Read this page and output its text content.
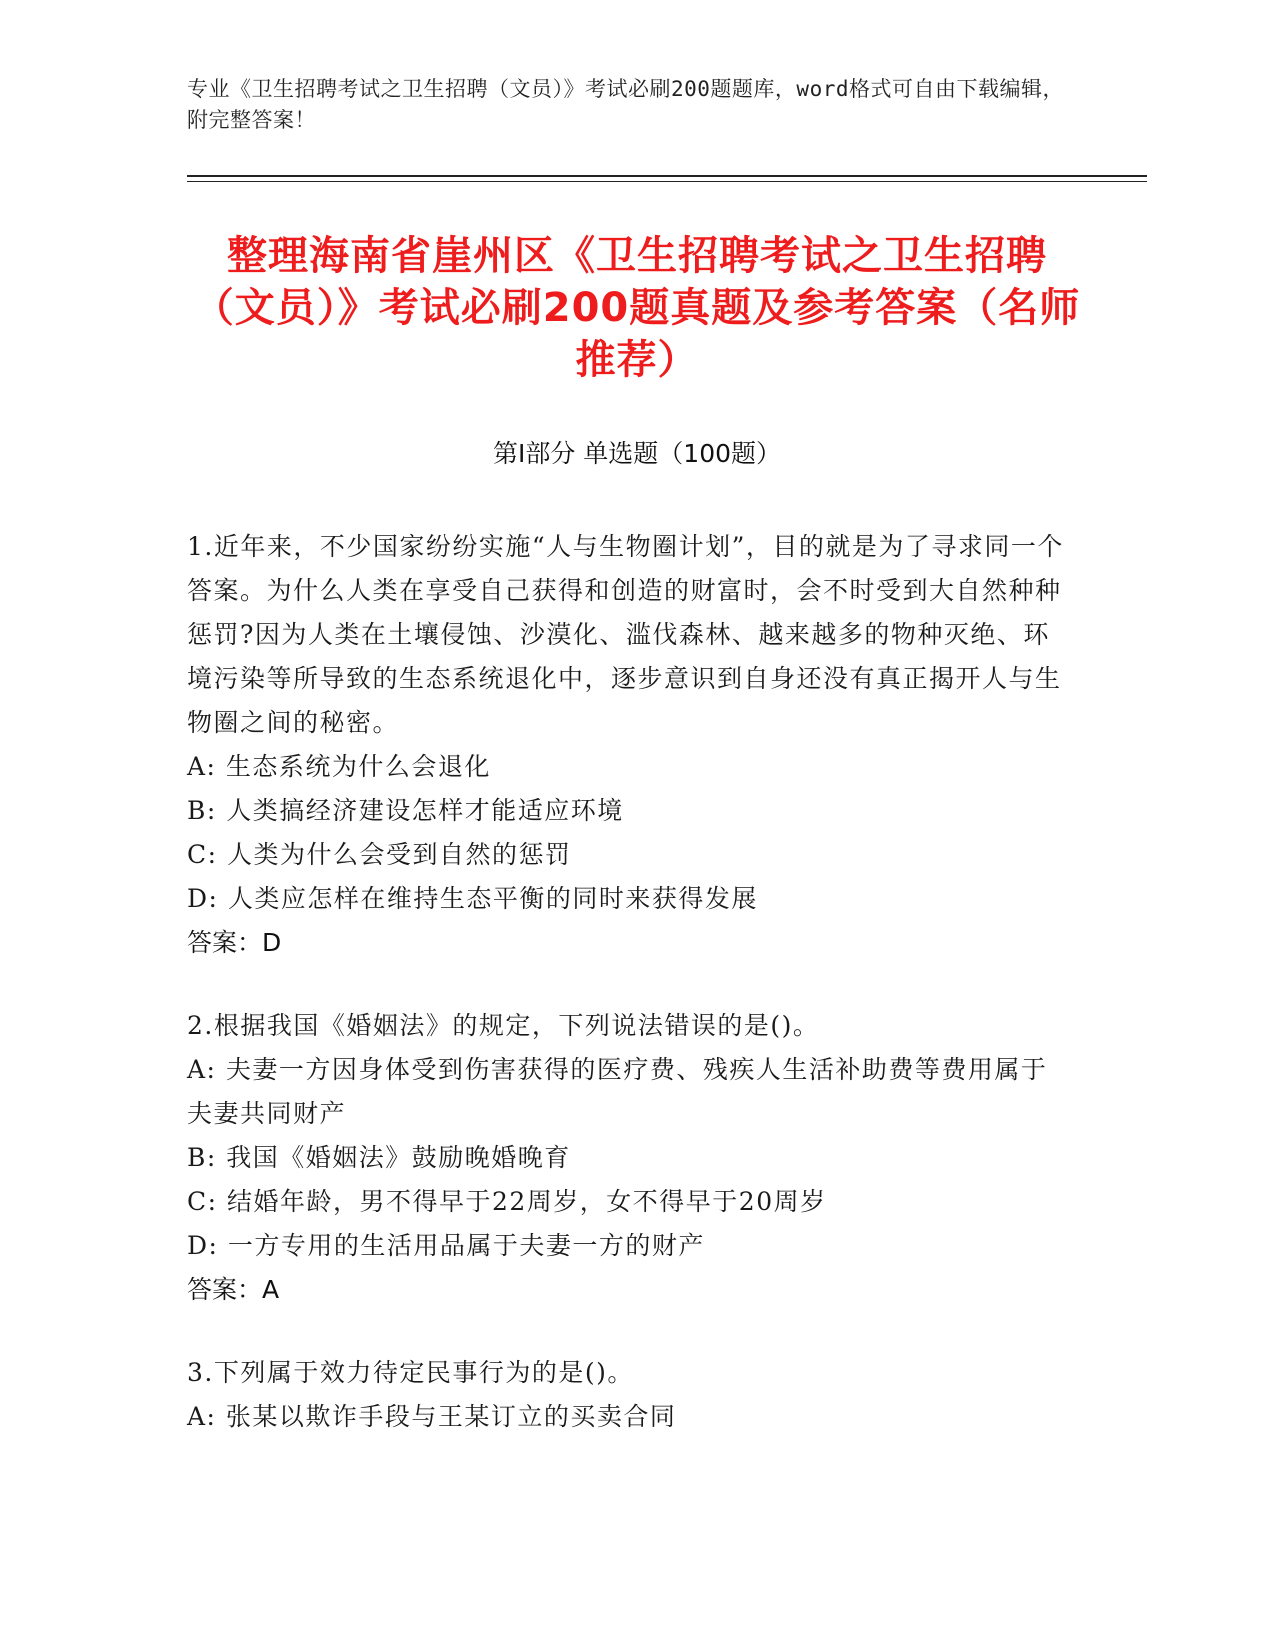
专业《卫生招聘考试之卫生招聘（文员）》考试必刷200题题库，word格式可自由下载编辑，附完整答案！
整理海南省崖州区《卫生招聘考试之卫生招聘（文员）》考试必刷200题真题及参考答案（名师推荐）
第Ⅰ部分 单选题（100题）

1.近年来，不少国家纷纷实施“人与生物圈计划”，目的就是为了寻求同一个答案。为什么人类在享受自己获得和创造的财富时，会不时受到大自然种种惩罚?因为人类在土壤侵蚀、沙漠化、滥伐森林、越来越多的物种灭绝、环境污染等所导致的生态系统退化中，逐步意识到自身还没有真正揭开人与生物圈之间的秘密。

A: 生态系统为什么会退化

B: 人类搞经济建设怎样才能适应环境

C: 人类为什么会受到自然的惩罚

D: 人类应怎样在维持生态平衡的同时来获得发展

答案：D

2.根据我国《婚姻法》的规定，下列说法错误的是()。

A: 夫妻一方因身体受到伤害获得的医疗费、残疾人生活补助费等费用属于夫妻共同财产

B: 我国《婚姻法》鼓励晚婚晚育

C: 结婚年龄，男不得早于22周岁，女不得早于20周岁

D: 一方专用的生活用品属于夫妻一方的财产

答案：A

3.下列属于效力待定民事行为的是()。

A: 张某以欺诈手段与王某订立的买卖合同
